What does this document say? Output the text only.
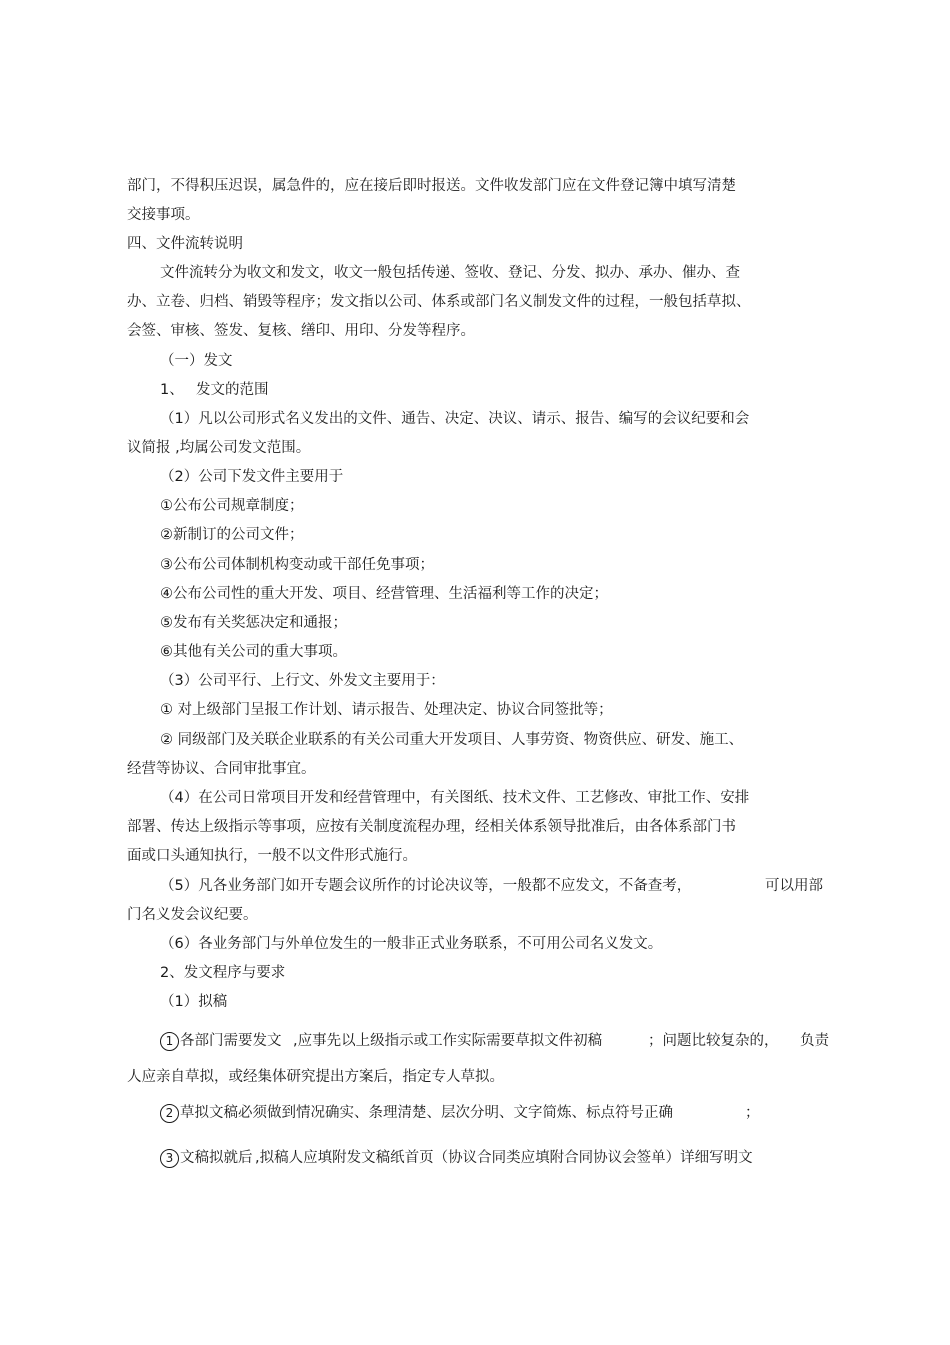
部门，不得积压迟误，属急件的，应在接后即时报送。文件收发部门应在文件登记簿中填写清楚
交接事项。
四、文件流转说明
文件流转分为收文和发文，收文一般包括传递、签收、登记、分发、拟办、承办、催办、查
办、立卷、归档、销毁等程序；发文指以公司、体系或部门名义制发文件的过程，一般包括草拟、
会签、审核、签发、复核、缮印、用印、分发等程序。
（一）发文
1、 发文的范围
（1）凡以公司形式名义发出的文件、通告、决定、决议、请示、报告、编写的会议纪要和会
议简报 ,均属公司发文范围。
（2）公司下发文件主要用于
①公布公司规章制度；
②新制订的公司文件；
③公布公司体制机构变动或干部任免事项；
④公布公司性的重大开发、项目、经营管理、生活福利等工作的决定；
⑤发布有关奖惩决定和通报；
⑥其他有关公司的重大事项。
（3）公司平行、上行文、外发文主要用于：
① 对上级部门呈报工作计划、请示报告、处理决定、协议合同签批等；
② 同级部门及关联企业联系的有关公司重大开发项目、人事劳资、物资供应、研发、施工、
经营等协议、合同审批事宜。
（4）在公司日常项目开发和经营管理中，有关图纸、技术文件、工艺修改、审批工作、安排
部署、传达上级指示等事项，应按有关制度流程办理，经相关体系领导批准后，由各体系部门书
面或口头通知执行，一般不以文件形式施行。
（5）凡各业务部门如开专题会议所作的讨论决议等，一般都不应发文，不备查考，	可以用部
门名义发会议纪要。
（6）各业务部门与外单位发生的一般非正式业务联系，不可用公司名义发文。
2、发文程序与要求
（1）拟稿
1 各部门需要发文 ,应事先以上级指示或工作实际需要草拟文件初稿	；问题比较复杂的， 负责
人应亲自草拟，或经集体研究提出方案后，指定专人草拟。
2 草拟文稿必须做到情况确实、条理清楚、层次分明、文字简炼、标点符号正确	；
3 文稿拟就后 ,拟稿人应填附发文稿纸首页（协议合同类应填附合同协议会签单）详细写明文
